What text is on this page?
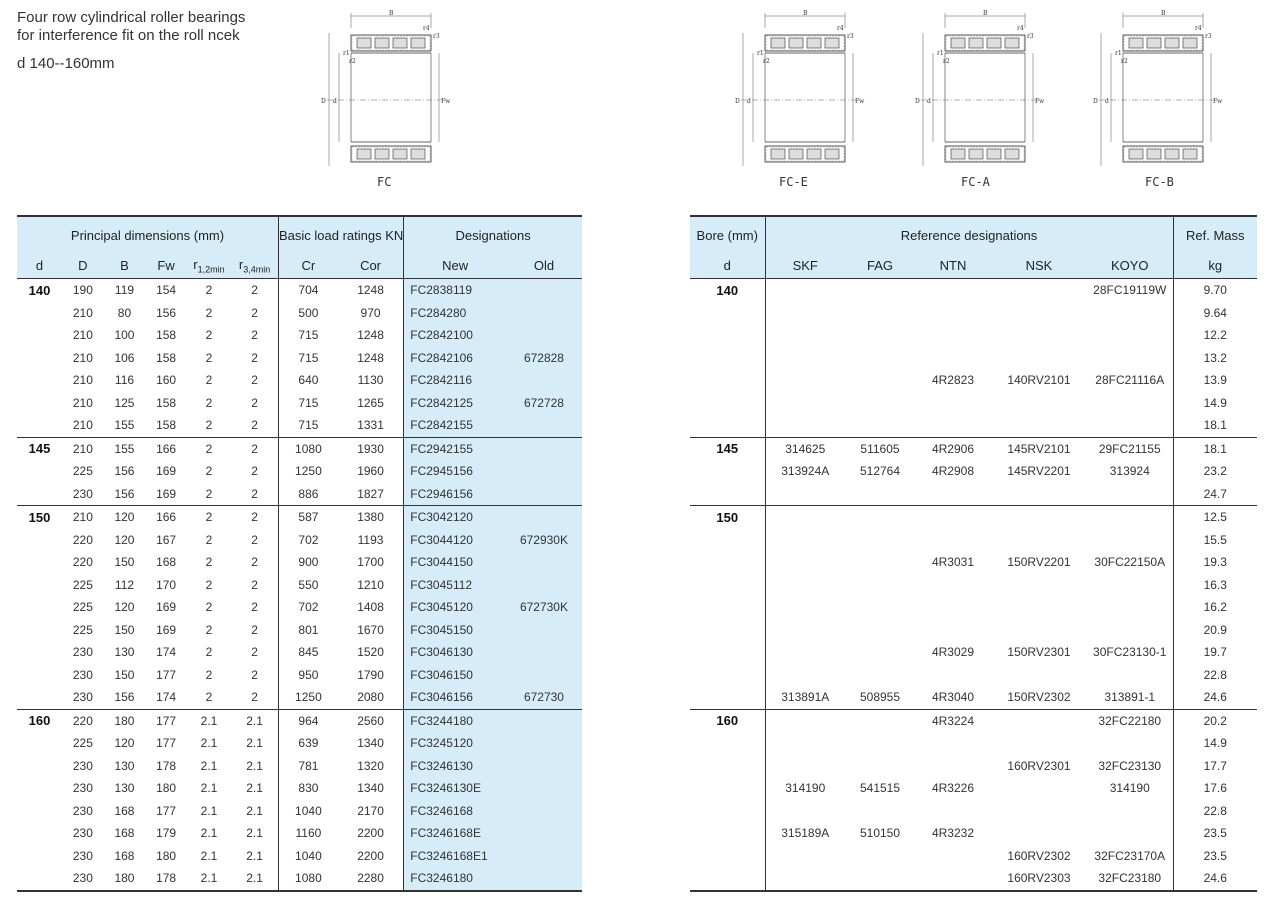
Four row cylindrical roller bearings
for interference fit on the roll ncek
d 140--160mm
B
D d	Fw
r1
r2
r3
r4
FC
B
D d	Fw
r1
r2
r3
r4
FC-E
B
D d	Fw
r1
r2
r3
r4
FC-A
B
D d	Fw
r1
r2
r3
r4
FC-B
Principal dimensions (mm)						Basic load ratings KN		Designations	
d	D	B	Fw	$r_{1,2min}$	$r_{3,4min}$	Cr	Cor	New	Old
140	190	119	154	2	2	704	1248	FC2838119	
	210	80	156	2	2	500	970	FC284280	
	210	100	158	2	2	715	1248	FC2842100	
	210	106	158	2	2	715	1248	FC2842106	672828
	210	116	160	2	2	640	1130	FC2842116	
	210	125	158	2	2	715	1265	FC2842125	672728
	210	155	158	2	2	715	1331	FC2842155	
145	210	155	166	2	2	1080	1930	FC2942155	
	225	156	169	2	2	1250	1960	FC2945156	
	230	156	169	2	2	886	1827	FC2946156	
150	210	120	166	2	2	587	1380	FC3042120	
	220	120	167	2	2	702	1193	FC3044120	672930K
	220	150	168	2	2	900	1700	FC3044150	
	225	112	170	2	2	550	1210	FC3045112	
	225	120	169	2	2	702	1408	FC3045120	672730K
	225	150	169	2	2	801	1670	FC3045150	
	230	130	174	2	2	845	1520	FC3046130	
	230	150	177	2	2	950	1790	FC3046150	
	230	156	174	2	2	1250	2080	FC3046156	672730
160	220	180	177	2.1	2.1	964	2560	FC3244180	
	225	120	177	2.1	2.1	639	1340	FC3245120	
	230	130	178	2.1	2.1	781	1320	FC3246130	
	230	130	180	2.1	2.1	830	1340	FC3246130E	
	230	168	177	2.1	2.1	1040	2170	FC3246168	
	230	168	179	2.1	2.1	1160	2200	FC3246168E	
	230	168	180	2.1	2.1	1040	2200	FC3246168E1	
	230	180	178	2.1	2.1	1080	2280	FC3246180	
Bore (mm)	Reference designations					Ref. Mass
d	SKF	FAG	NTN	NSK	KOYO	kg
140					28FC19119W	9.70
						9.64
						12.2
						13.2
			4R2823	140RV2101	28FC21116A	13.9
						14.9
						18.1
145	314625	511605	4R2906	145RV2101	29FC21155	18.1
	313924A	512764	4R2908	145RV2201	313924	23.2
						24.7
150						12.5
						15.5
			4R3031	150RV2201	30FC22150A	19.3
						16.3
						16.2
						20.9
			4R3029	150RV2301	30FC23130-1	19.7
						22.8
	313891A	508955	4R3040	150RV2302	313891-1	24.6
160			4R3224		32FC22180	20.2
						14.9
				160RV2301	32FC23130	17.7
	314190	541515	4R3226		314190	17.6
						22.8
	315189A	510150	4R3232			23.5
				160RV2302	32FC23170A	23.5
				160RV2303	32FC23180	24.6
